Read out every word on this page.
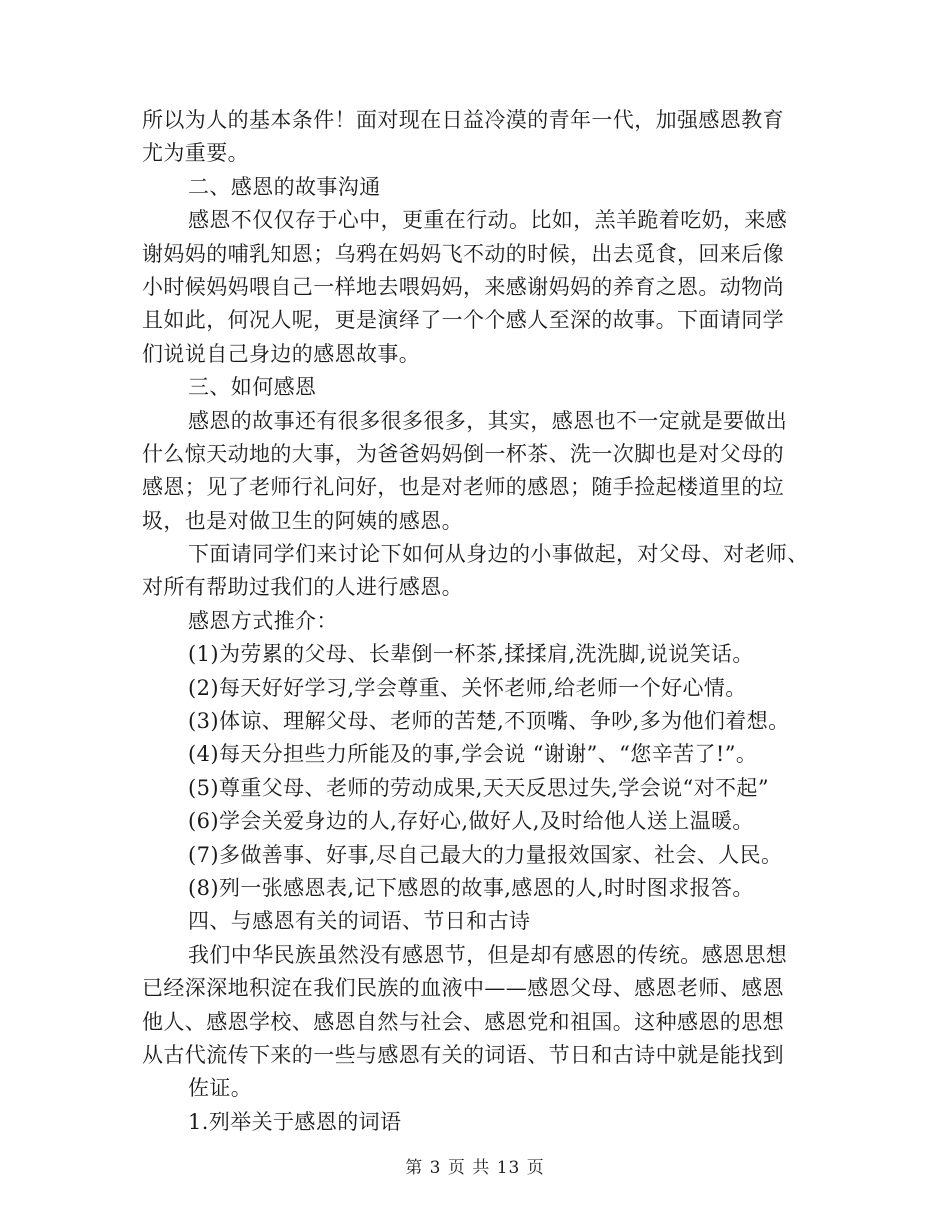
所以为人的基本条件！面对现在日益冷漠的青年一代，加强感恩教育
尤为重要。
二、感恩的故事沟通
感恩不仅仅存于心中，更重在行动。比如，羔羊跪着吃奶，来感
谢妈妈的哺乳知恩；乌鸦在妈妈飞不动的时候，出去觅食，回来后像
小时候妈妈喂自己一样地去喂妈妈，来感谢妈妈的养育之恩。动物尚
且如此，何况人呢，更是演绎了一个个感人至深的故事。下面请同学
们说说自己身边的感恩故事。
三、如何感恩
感恩的故事还有很多很多很多，其实，感恩也不一定就是要做出
什么惊天动地的大事，为爸爸妈妈倒一杯茶、洗一次脚也是对父母的
感恩；见了老师行礼问好，也是对老师的感恩；随手捡起楼道里的垃
圾，也是对做卫生的阿姨的感恩。
下面请同学们来讨论下如何从身边的小事做起，对父母、对老师、
对所有帮助过我们的人进行感恩。
感恩方式推介：
(1)为劳累的父母、长辈倒一杯茶,揉揉肩,洗洗脚,说说笑话。
(2)每天好好学习,学会尊重、关怀老师,给老师一个好心情。
(3)体谅、理解父母、老师的苦楚,不顶嘴、争吵,多为他们着想。
(4)每天分担些力所能及的事,学会说 “谢谢”、“您辛苦了!”。
(5)尊重父母、老师的劳动成果,天天反思过失,学会说“对不起”
(6)学会关爱身边的人,存好心,做好人,及时给他人送上温暖。
(7)多做善事、好事,尽自己最大的力量报效国家、社会、人民。
(8)列一张感恩表,记下感恩的故事,感恩的人,时时图求报答。
四、与感恩有关的词语、节日和古诗
我们中华民族虽然没有感恩节，但是却有感恩的传统。感恩思想
已经深深地积淀在我们民族的血液中——感恩父母、感恩老师、感恩
他人、感恩学校、感恩自然与社会、感恩党和祖国。这种感恩的思想
从古代流传下来的一些与感恩有关的词语、节日和古诗中就是能找到
佐证。
1.列举关于感恩的词语
第 3 页 共 13 页
